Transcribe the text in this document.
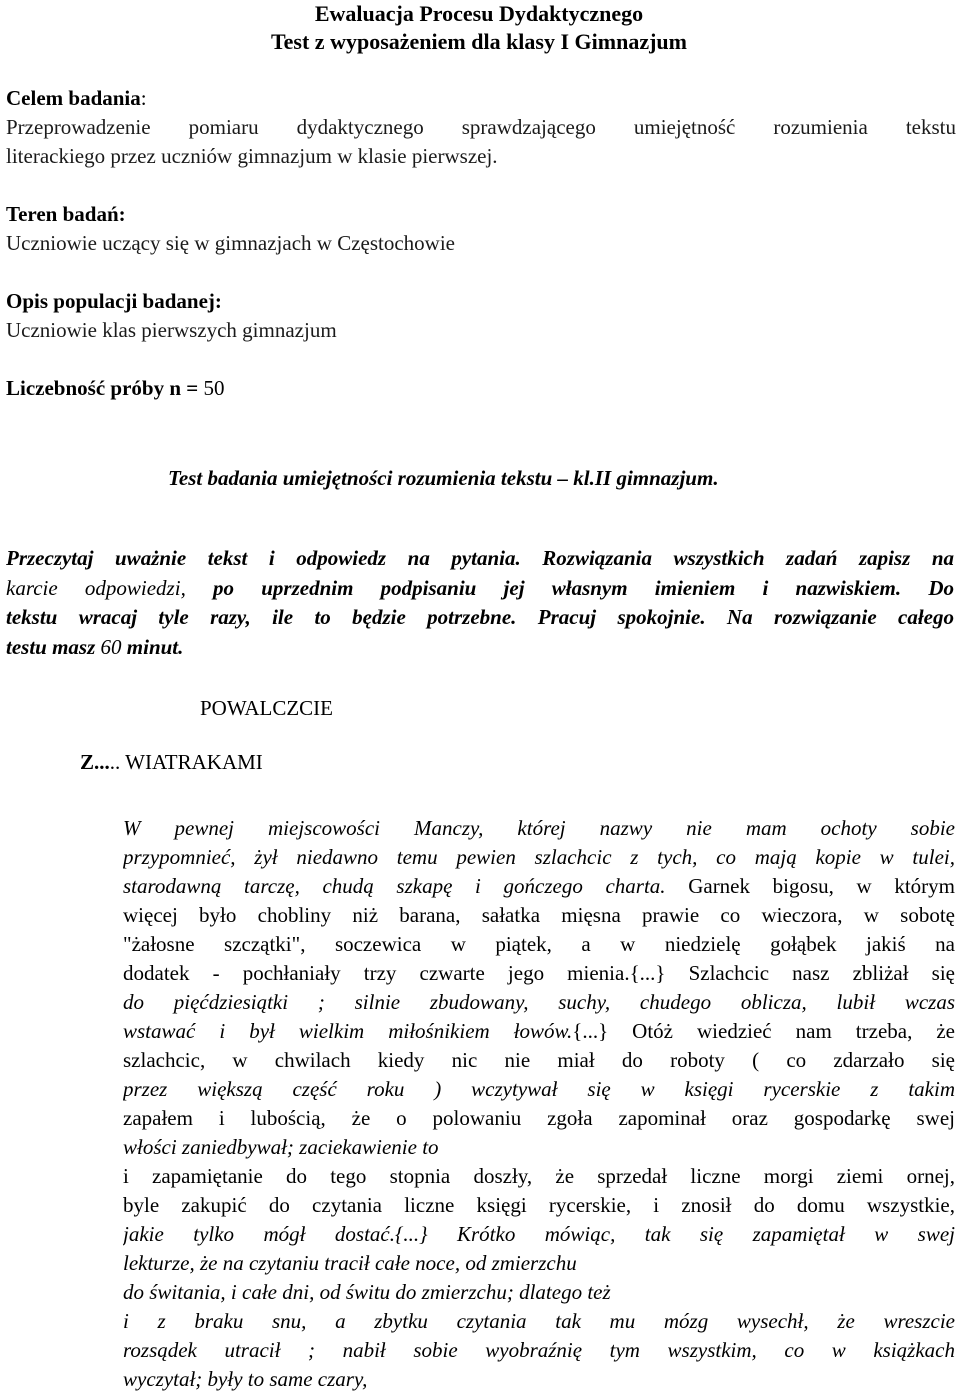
Ewaluacja Procesu Dydaktycznego
Test z wyposażeniem dla klasy I Gimnazjum
Celem badania:
Przeprowadzenie pomiaru dydaktycznego sprawdzającego umiejętność rozumienia tekstu
literackiego przez uczniów gimnazjum w klasie pierwszej.
Teren badań:
Uczniowie uczący się w gimnazjach w Częstochowie
Opis populacji badanej:
Uczniowie klas pierwszych gimnazjum
Liczebność próby n = 50
Test badania umiejętności rozumienia tekstu – kl.II gimnazjum.
Przeczytaj uważnie tekst i odpowiedz na pytania. Rozwiązania wszystkich zadań zapisz na
karcie odpowiedzi, po uprzednim podpisaniu jej własnym imieniem i nazwiskiem. Do
tekstu wracaj tyle razy, ile to będzie potrzebne. Pracuj spokojnie. Na rozwiązanie całego
testu masz 60 minut.
POWALCZCIE
Z..... WIATRAKAMI
W pewnej miejscowości Manczy, której nazwy nie mam ochoty sobie
przypomnieć, żył niedawno temu pewien szlachcic z tych, co mają kopie w tulei,
starodawną tarczę, chudą szkapę i gończego charta. Garnek bigosu, w którym
więcej było chobliny niż barana, sałatka mięsna prawie co wieczora, w sobotę
"żałosne szczątki", soczewica w piątek, a w niedzielę gołąbek jakiś na
dodatek - pochłaniały trzy czwarte jego mienia.{...} Szlachcic nasz zbliżał się
do pięćdziesiątki ; silnie zbudowany, suchy, chudego oblicza, lubił wczas
wstawać i był wielkim miłośnikiem łowów.{...} Otóż wiedzieć nam trzeba, że
szlachcic, w chwilach kiedy nic nie miał do roboty ( co zdarzało się
przez większą część roku ) wczytywał się w księgi rycerskie z takim
zapałem i lubością, że o polowaniu zgoła zapominał oraz gospodarkę swej
włości zaniedbywał; zaciekawienie to
i zapamiętanie do tego stopnia doszły, że sprzedał liczne morgi ziemi ornej,
byle zakupić do czytania liczne księgi rycerskie, i znosił do domu wszystkie,
jakie tylko mógł dostać.{...} Krótko mówiąc, tak się zapamiętał w swej
lekturze, że na czytaniu tracił całe noce, od zmierzchu
do świtania, i całe dni, od świtu do zmierzchu; dlatego też
i z braku snu, a zbytku czytania tak mu mózg wysechł, że wreszcie
rozsądek utracił ; nabił sobie wyobraźnię tym wszystkim, co w książkach
wyczytał; były to same czary,
